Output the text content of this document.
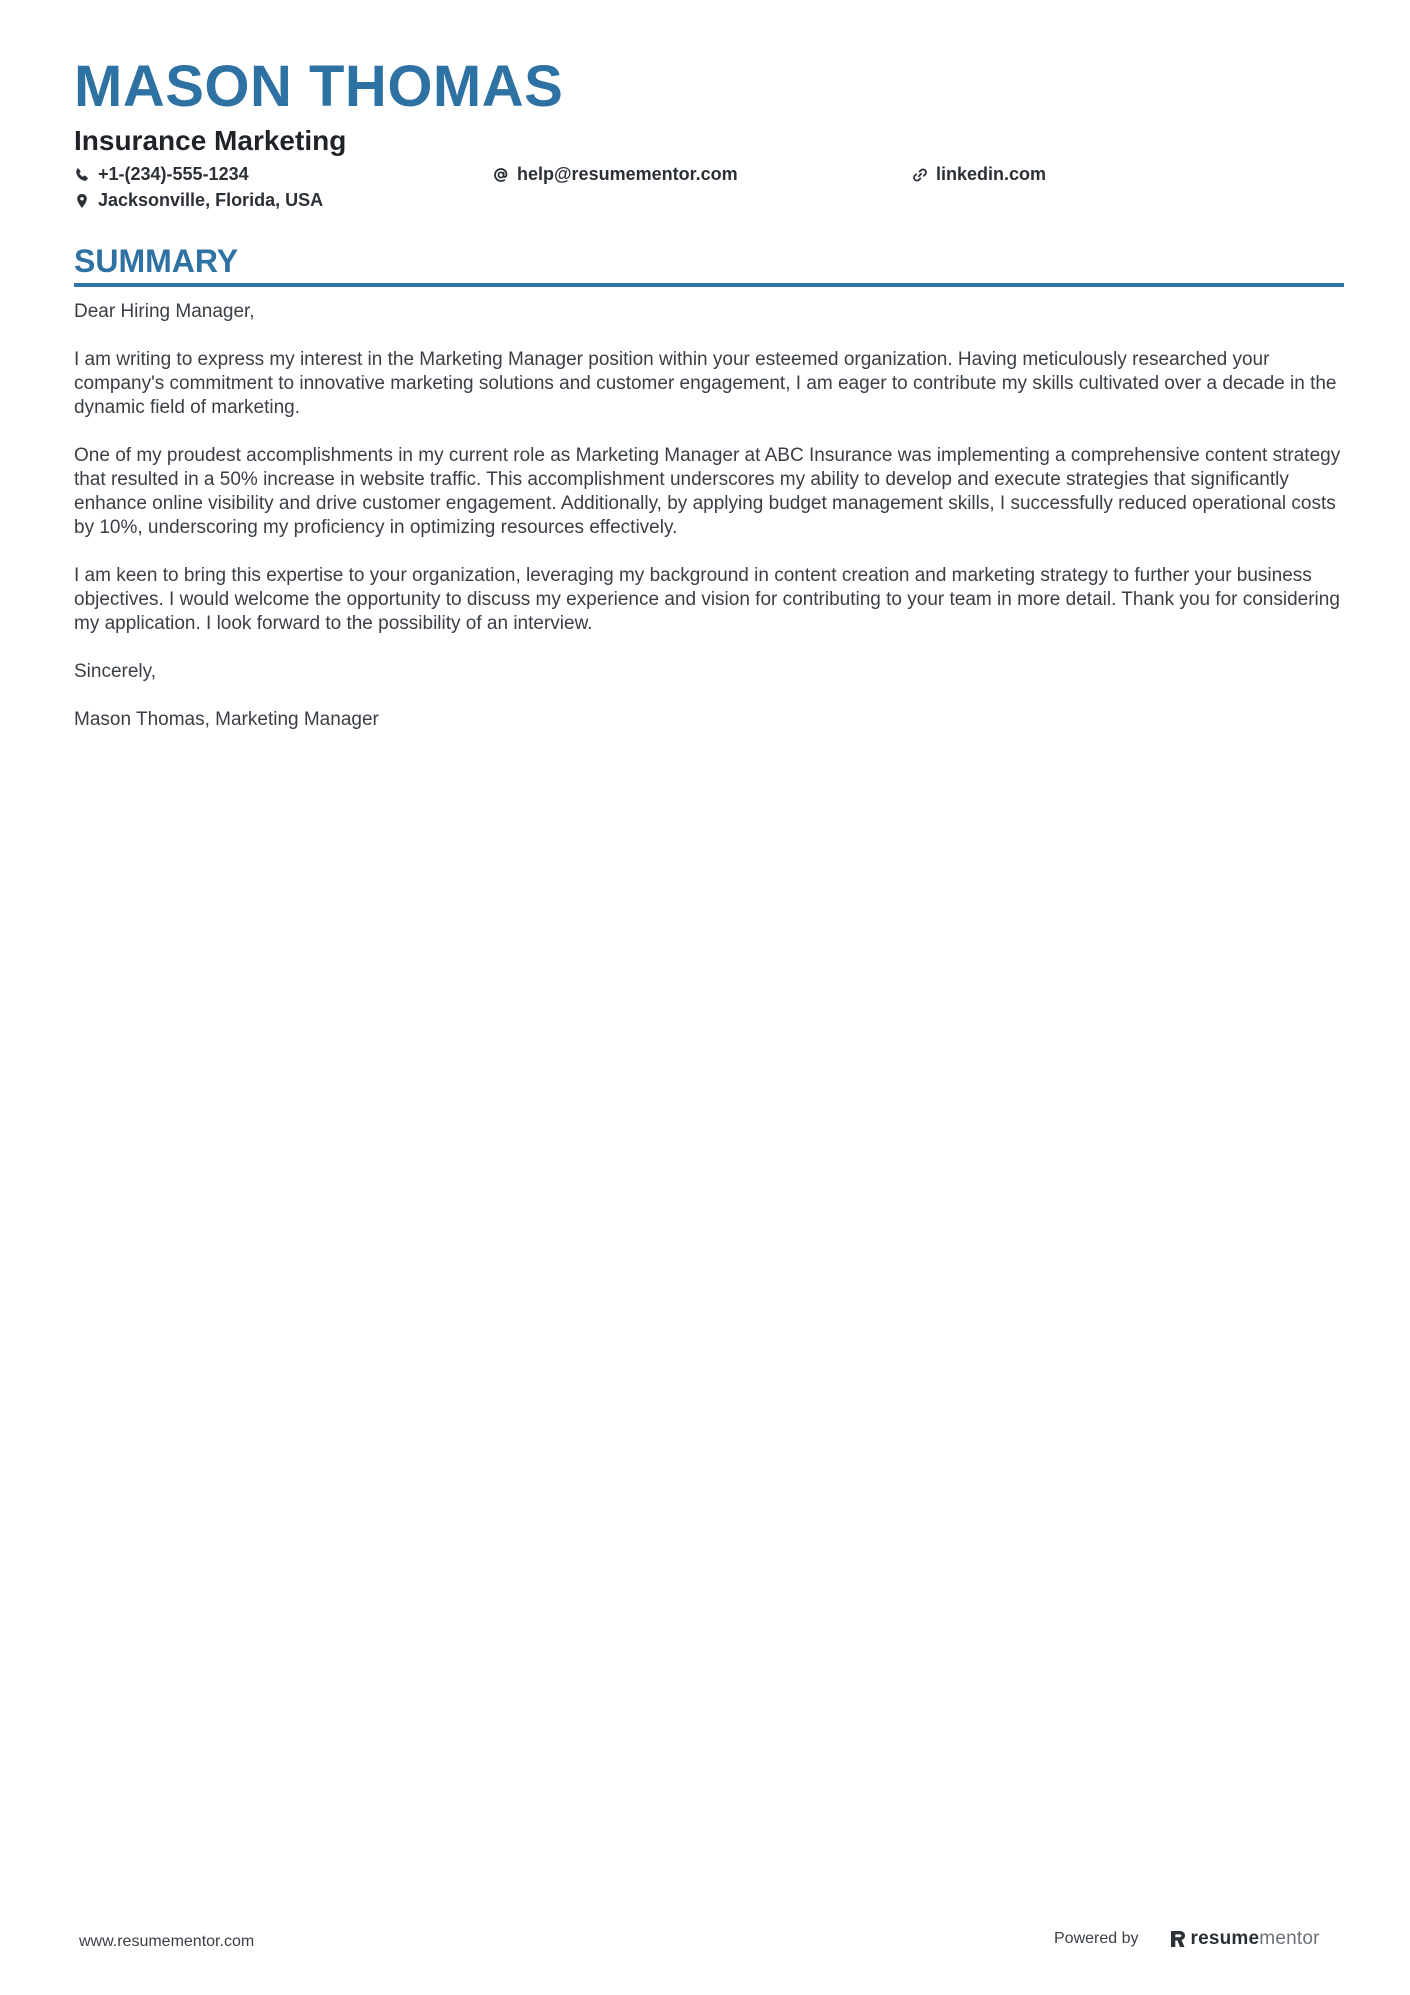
MASON THOMAS
Insurance Marketing
+1-(234)-555-1234	help@resumementor.com	linkedin.com
Jacksonville, Florida, USA
SUMMARY

Dear Hiring Manager,

I am writing to express my interest in the Marketing Manager position within your esteemed organization. Having meticulously researched your company's commitment to innovative marketing solutions and customer engagement, I am eager to contribute my skills cultivated over a decade in the dynamic field of marketing.

One of my proudest accomplishments in my current role as Marketing Manager at ABC Insurance was implementing a comprehensive content strategy that resulted in a 50% increase in website traffic. This accomplishment underscores my ability to develop and execute strategies that significantly enhance online visibility and drive customer engagement. Additionally, by applying budget management skills, I successfully reduced operational costs by 10%, underscoring my proficiency in optimizing resources effectively.

I am keen to bring this expertise to your organization, leveraging my background in content creation and marketing strategy to further your business objectives. I would welcome the opportunity to discuss my experience and vision for contributing to your team in more detail. Thank you for considering my application. I look forward to the possibility of an interview.

Sincerely,

Mason Thomas, Marketing Manager

www.resumementor.com	Powered by	resume mentor
